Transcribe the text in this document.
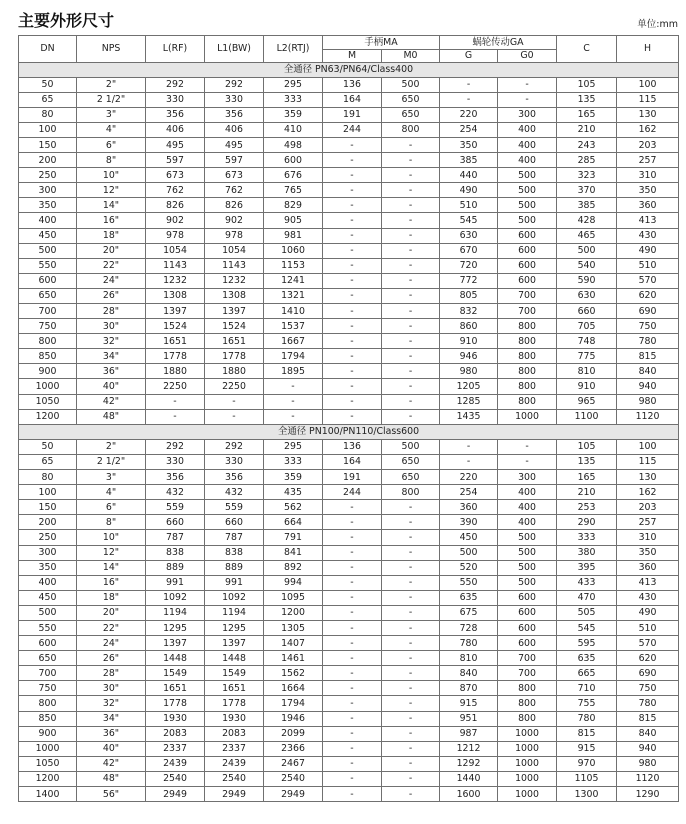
主要外形尺寸	单位:mm
DN	NPS	L(RF)	L1(BW)	L2(RTJ)	手柄MA		蜗轮传动GA		C	H
					M	M0	G	G0		
全通径 PN63/PN64/Class400										
50	2"	292	292	295	136	500	-	-	105	100
65	2 1/2"	330	330	333	164	650	-	-	135	115
80	3"	356	356	359	191	650	220	300	165	130
100	4"	406	406	410	244	800	254	400	210	162
150	6"	495	495	498	-	-	350	400	243	203
200	8"	597	597	600	-	-	385	400	285	257
250	10"	673	673	676	-	-	440	500	323	310
300	12"	762	762	765	-	-	490	500	370	350
350	14"	826	826	829	-	-	510	500	385	360
400	16"	902	902	905	-	-	545	500	428	413
450	18"	978	978	981	-	-	630	600	465	430
500	20"	1054	1054	1060	-	-	670	600	500	490
550	22"	1143	1143	1153	-	-	720	600	540	510
600	24"	1232	1232	1241	-	-	772	600	590	570
650	26"	1308	1308	1321	-	-	805	700	630	620
700	28"	1397	1397	1410	-	-	832	700	660	690
750	30"	1524	1524	1537	-	-	860	800	705	750
800	32"	1651	1651	1667	-	-	910	800	748	780
850	34"	1778	1778	1794	-	-	946	800	775	815
900	36"	1880	1880	1895	-	-	980	800	810	840
1000	40"	2250	2250	-	-	-	1205	800	910	940
1050	42"	-	-	-	-	-	1285	800	965	980
1200	48"	-	-	-	-	-	1435	1000	1100	1120
全通径 PN100/PN110/Class600										
50	2"	292	292	295	136	500	-	-	105	100
65	2 1/2"	330	330	333	164	650	-	-	135	115
80	3"	356	356	359	191	650	220	300	165	130
100	4"	432	432	435	244	800	254	400	210	162
150	6"	559	559	562	-	-	360	400	253	203
200	8"	660	660	664	-	-	390	400	290	257
250	10"	787	787	791	-	-	450	500	333	310
300	12"	838	838	841	-	-	500	500	380	350
350	14"	889	889	892	-	-	520	500	395	360
400	16"	991	991	994	-	-	550	500	433	413
450	18"	1092	1092	1095	-	-	635	600	470	430
500	20"	1194	1194	1200	-	-	675	600	505	490
550	22"	1295	1295	1305	-	-	728	600	545	510
600	24"	1397	1397	1407	-	-	780	600	595	570
650	26"	1448	1448	1461	-	-	810	700	635	620
700	28"	1549	1549	1562	-	-	840	700	665	690
750	30"	1651	1651	1664	-	-	870	800	710	750
800	32"	1778	1778	1794	-	-	915	800	755	780
850	34"	1930	1930	1946	-	-	951	800	780	815
900	36"	2083	2083	2099	-	-	987	1000	815	840
1000	40"	2337	2337	2366	-	-	1212	1000	915	940
1050	42"	2439	2439	2467	-	-	1292	1000	970	980
1200	48"	2540	2540	2540	-	-	1440	1000	1105	1120
1400	56"	2949	2949	2949	-	-	1600	1000	1300	1290
